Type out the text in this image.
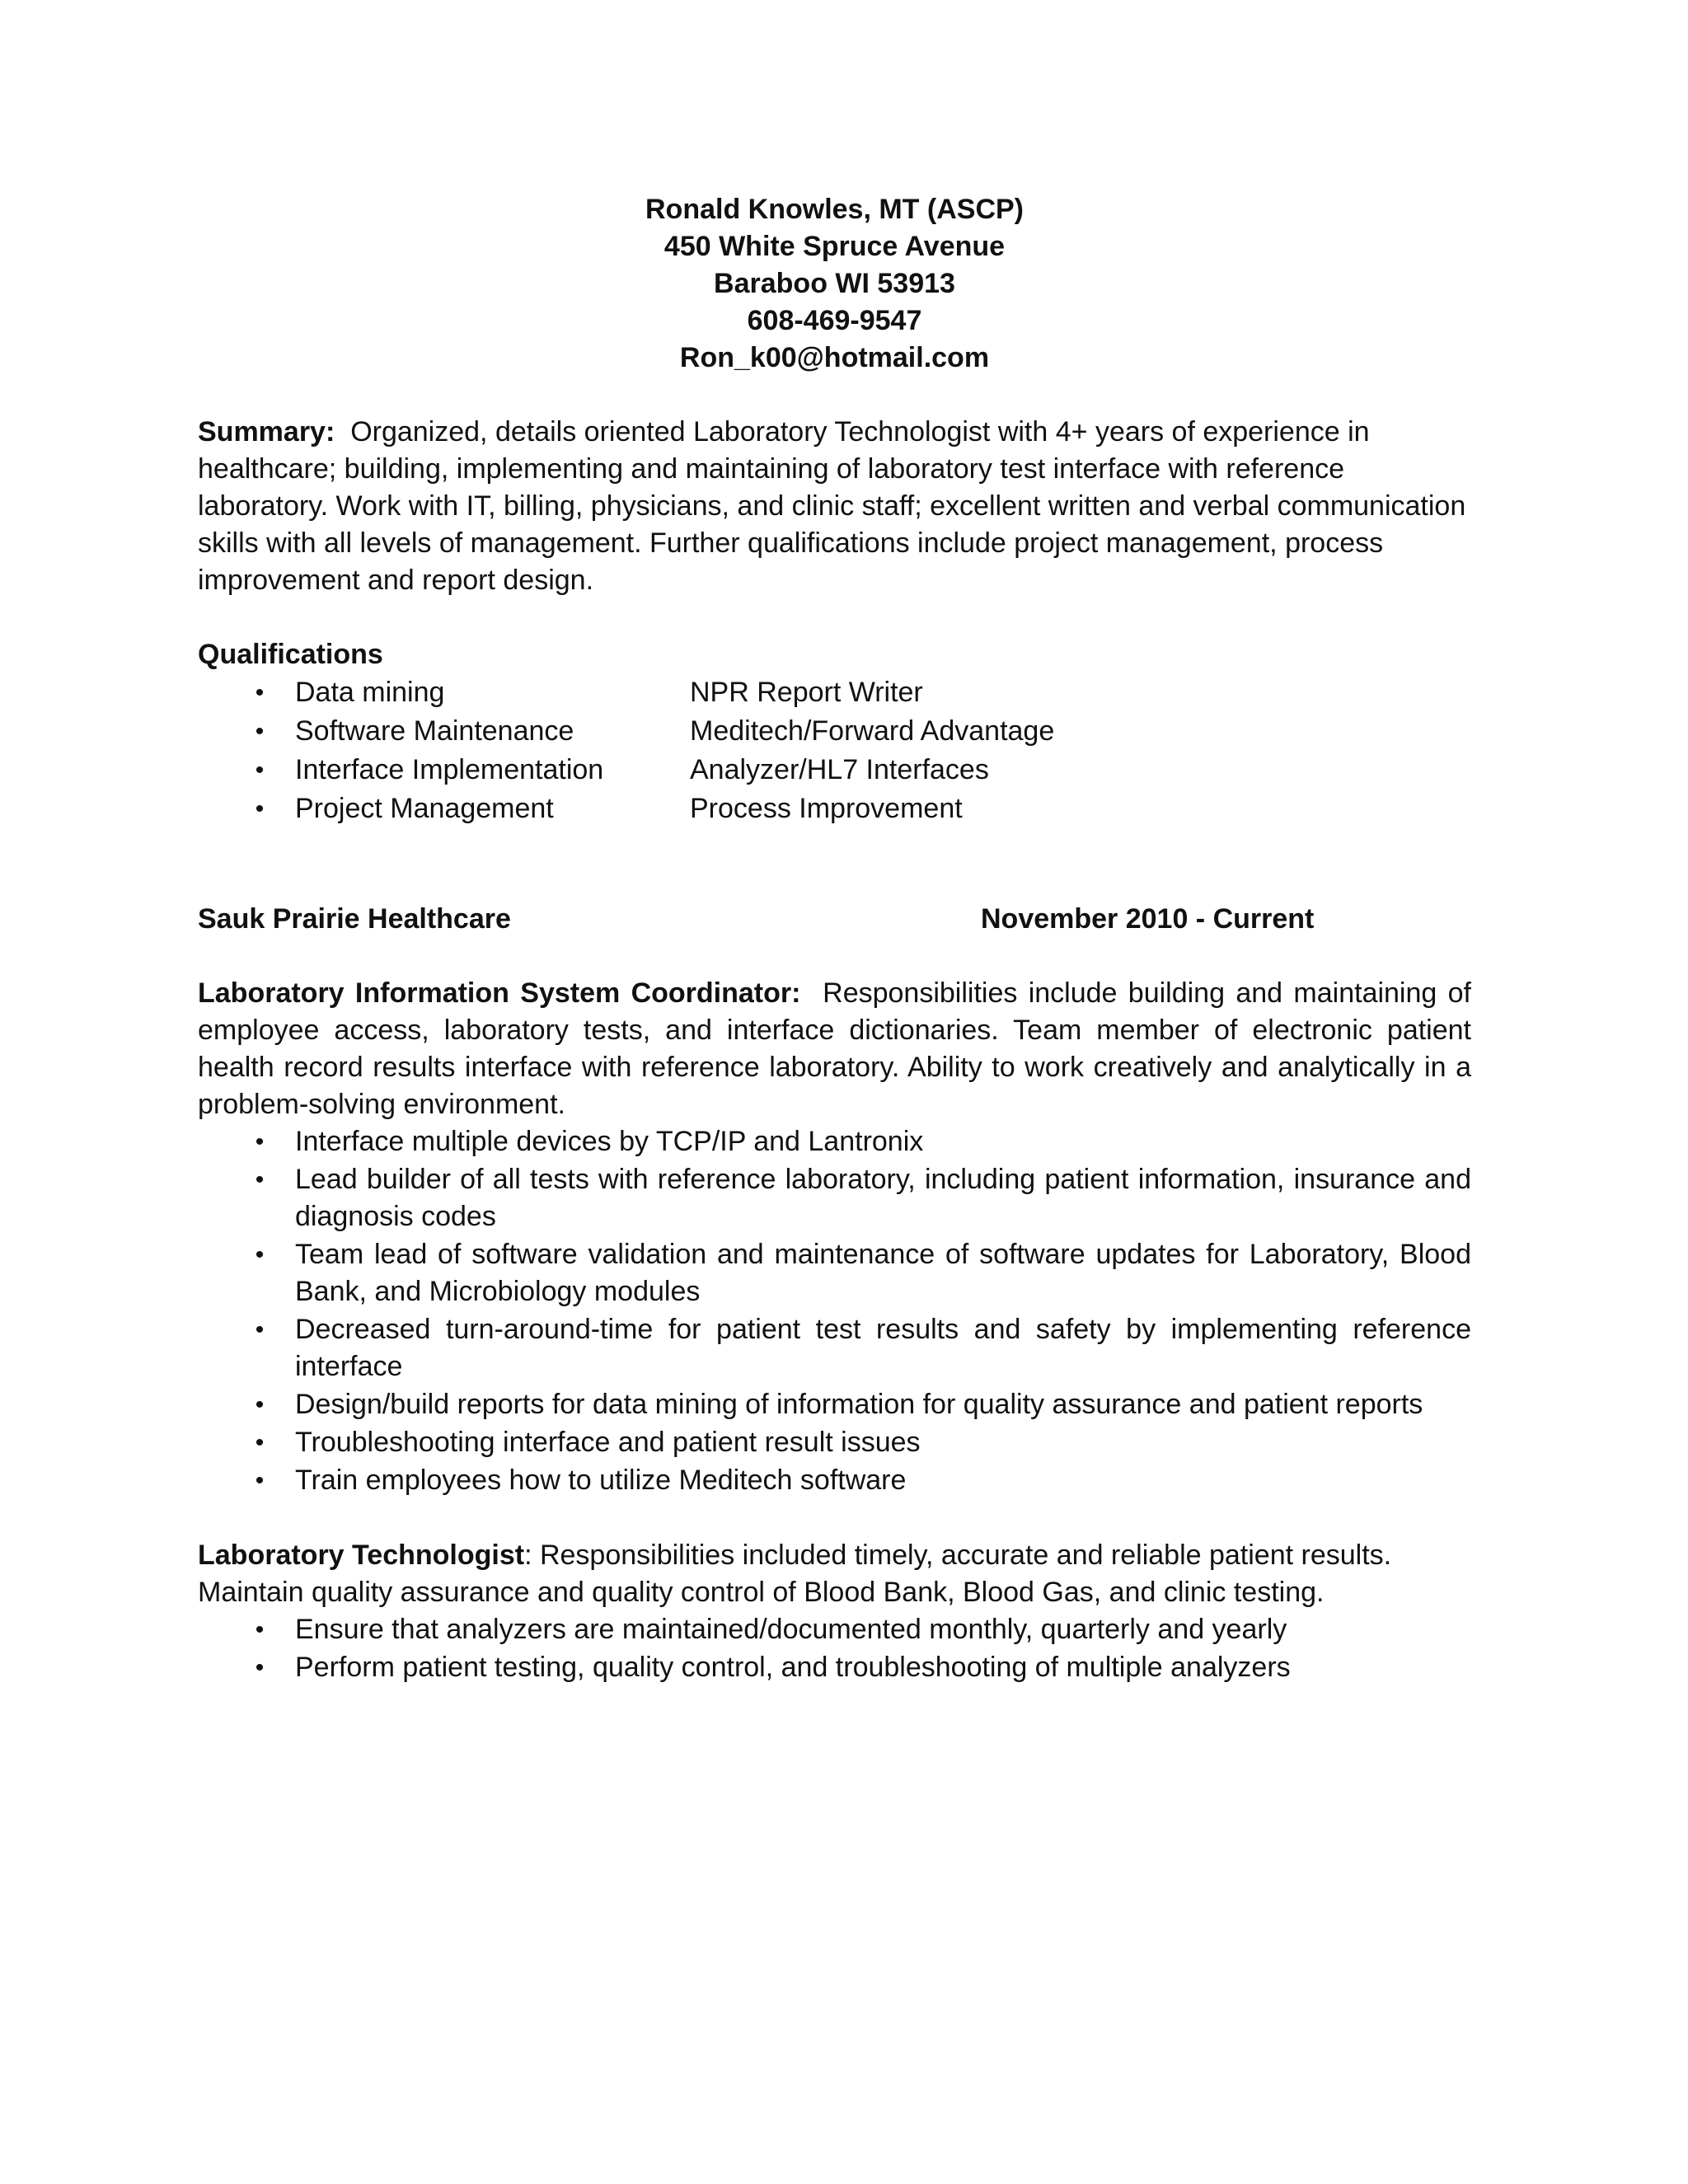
Ronald Knowles, MT (ASCP)
450 White Spruce Avenue
Baraboo WI 53913
608-469-9547
Ron_k00@hotmail.com

Summary: Organized, details oriented Laboratory Technologist with 4+ years of experience in healthcare; building, implementing and maintaining of laboratory test interface with reference laboratory. Work with IT, billing, physicians, and clinic staff; excellent written and verbal communication skills with all levels of management. Further qualifications include project management, process improvement and report design.

Qualifications
• Data mining	NPR Report Writer
• Software Maintenance	Meditech/Forward Advantage
• Interface Implementation	Analyzer/HL7 Interfaces
• Project Management	Process Improvement
Sauk Prairie Healthcare	November 2010 - Current

Laboratory Information System Coordinator: Responsibilities include building and maintaining of employee access, laboratory tests, and interface dictionaries. Team member of electronic patient health record results interface with reference laboratory. Ability to work creatively and analytically in a problem-solving environment.

• Interface multiple devices by TCP/IP and Lantronix
• Lead builder of all tests with reference laboratory, including patient information, insurance and diagnosis codes
• Team lead of software validation and maintenance of software updates for Laboratory, Blood Bank, and Microbiology modules
• Decreased turn-around-time for patient test results and safety by implementing reference interface
• Design/build reports for data mining of information for quality assurance and patient reports
• Troubleshooting interface and patient result issues
• Train employees how to utilize Meditech software

Laboratory Technologist: Responsibilities included timely, accurate and reliable patient results. Maintain quality assurance and quality control of Blood Bank, Blood Gas, and clinic testing.

• Ensure that analyzers are maintained/documented monthly, quarterly and yearly
• Perform patient testing, quality control, and troubleshooting of multiple analyzers
